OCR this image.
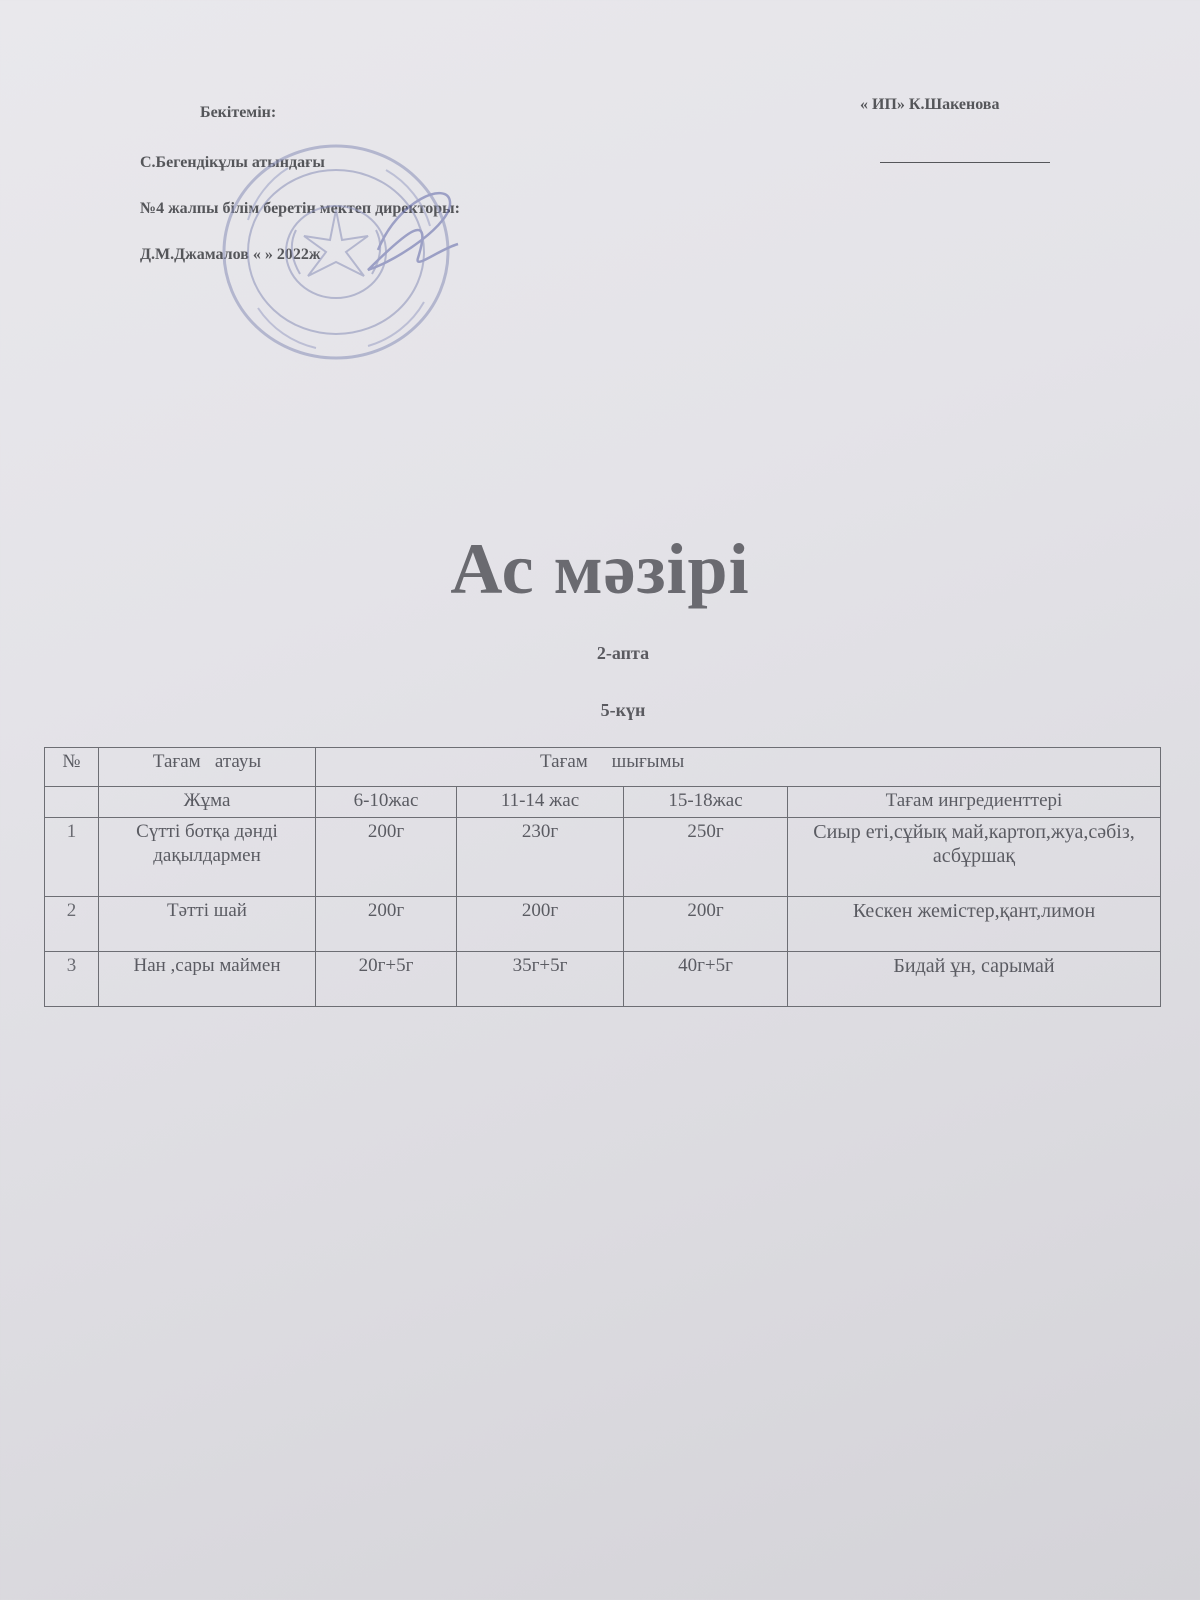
Бекітемін:
С.Бегендікұлы атындағы
№4 жалпы білім беретін мектеп директоры:
Д.М.Джамалов « » 2022ж
« ИП» К.Шакенова
Ас мәзірі
2-апта
5-күн
№	Тағам   атауы	Тағам     шығымы			
	Жұма	6-10жас	11-14 жас	15-18жас	Тағам ингредиенттері
1	Сүтті ботқа дәнді дақылдармен	200г	230г	250г	Сиыр еті,сұйық май,картоп,жуа,сәбіз, асбұршақ
2	Тәтті шай	200г	200г	200г	Кескен жемістер,қант,лимон
3	Нан ,сары маймен	20г+5г	35г+5г	40г+5г	Бидай ұн, сарымай
